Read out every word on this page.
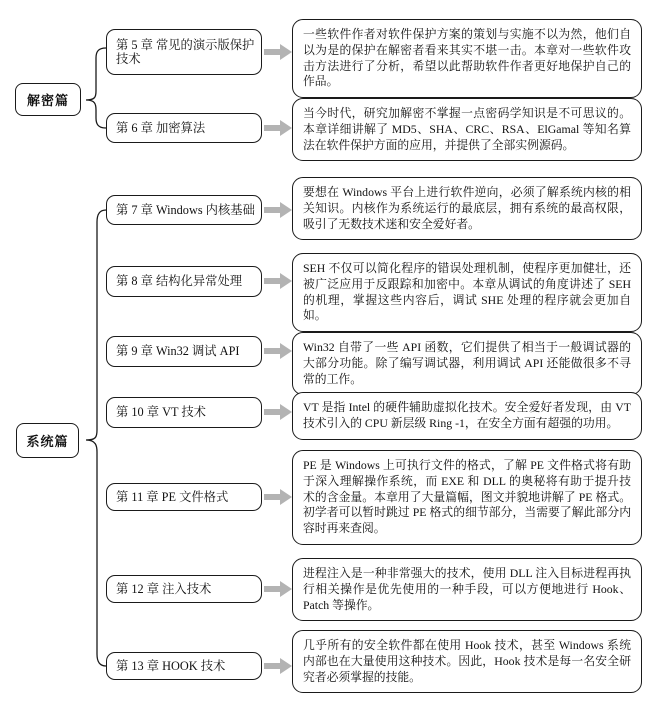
解密篇
系统篇
第 5 章 常见的演示版保护技术
第 6 章 加密算法
第 7 章 Windows 内核基础
第 8 章 结构化异常处理
第 9 章 Win32 调试 API
第 10 章 VT 技术
第 11 章 PE 文件格式
第 12 章 注入技术
第 13 章 HOOK 技术
一些软件作者对软件保护方案的策划与实施不以为然，他们自以为是的保护在解密者看来其实不堪一击。本章对一些软件攻击方法进行了分析，希望以此帮助软件作者更好地保护自己的作品。
当今时代，研究加解密不掌握一点密码学知识是不可思议的。本章详细讲解了 MD5、SHA、CRC、RSA、ElGamal 等知名算法在软件保护方面的应用，并提供了全部实例源码。
要想在 Windows 平台上进行软件逆向，必须了解系统内核的相关知识。内核作为系统运行的最底层，拥有系统的最高权限，吸引了无数技术迷和安全爱好者。
SEH 不仅可以简化程序的错误处理机制，使程序更加健壮，还被广泛应用于反跟踪和加密中。本章从调试的角度讲述了 SEH 的机理，掌握这些内容后，调试 SHE 处理的程序就会更加自如。
Win32 自带了一些 API 函数，它们提供了相当于一般调试器的大部分功能。除了编写调试器，利用调试 API 还能做很多不寻常的工作。
VT 是指 Intel 的硬件辅助虚拟化技术。安全爱好者发现，由 VT 技术引入的 CPU 新层级 Ring -1，在安全方面有超强的功用。
PE 是 Windows 上可执行文件的格式，了解 PE 文件格式将有助于深入理解操作系统，而 EXE 和 DLL 的奥秘将有助于提升技术的含金量。本章用了大量篇幅，图文并貌地讲解了 PE 格式。初学者可以暂时跳过 PE 格式的细节部分，当需要了解此部分内容时再来查阅。
进程注入是一种非常强大的技术，使用 DLL 注入目标进程再执行相关操作是优先使用的一种手段，可以方便地进行 Hook、Patch 等操作。
几乎所有的安全软件都在使用 Hook 技术，甚至 Windows 系统内部也在大量使用这种技术。因此，Hook 技术是每一名安全研究者必须掌握的技能。
